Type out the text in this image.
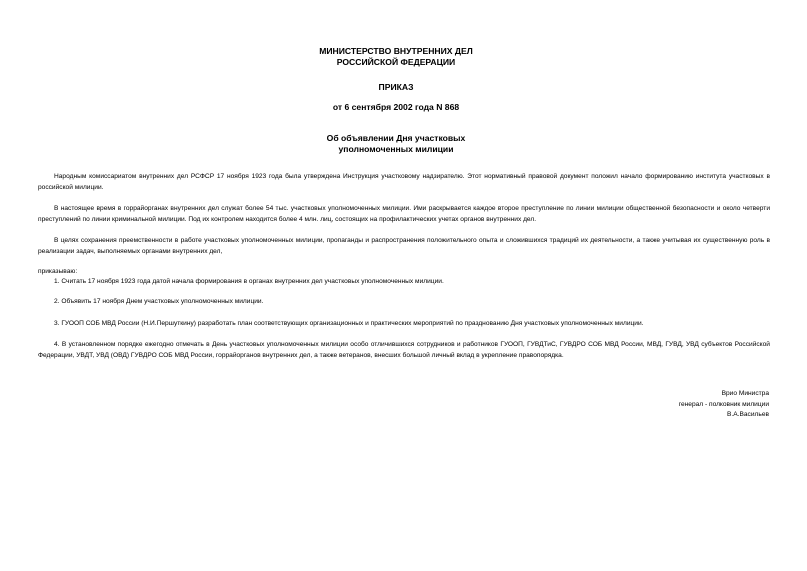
МИНИСТЕРСТВО ВНУТРЕННИХ ДЕЛ
РОССИЙСКОЙ ФЕДЕРАЦИИ
ПРИКАЗ
от 6 сентября 2002 года N 868
Об объявлении Дня участковых
уполномоченных милиции
Народным комиссариатом внутренних дел РСФСР 17 ноября 1923 года была утверждена Инструкция участковому надзирателю. Этот нормативный правовой документ положил начало формированию института участковых в российской милиции.
В настоящее время в горрайорганах внутренних дел служат более 54 тыс. участковых уполномоченных милиции. Ими раскрывается каждое второе преступление по линии милиции общественной безопасности и около четверти преступлений по линии криминальной милиции. Под их контролем находится более 4 млн. лиц, состоящих на профилактических учетах органов внутренних дел.
В целях сохранения преемственности в работе участковых уполномоченных милиции, пропаганды и распространения положительного опыта и сложившихся традиций их деятельности, а также учитывая их существенную роль в реализации задач, выполняемых органами внутренних дел,
приказываю:
1. Считать 17 ноября 1923 года датой начала формирования в органах внутренних дел участковых уполномоченных милиции.
2. Объявить 17 ноября Днем участковых уполномоченных милиции.
3. ГУООП СОБ МВД России (Н.И.Першуткину) разработать план соответствующих организационных и практических мероприятий по празднованию Дня участковых уполномоченных милиции.
4. В установленном порядке ежегодно отмечать в День участковых уполномоченных милиции особо отличившихся сотрудников и работников ГУООП, ГУВДТиС, ГУВДРО СОБ МВД России, МВД, ГУВД, УВД субъектов Российской Федерации, УВДТ, УВД (ОВД) ГУВДРО СОБ МВД России, горрайорганов внутренних дел, а также ветеранов, внесших большой личный вклад в укрепление правопорядка.
Врио Министра
генерал - полковник милиции
В.А.Васильев
